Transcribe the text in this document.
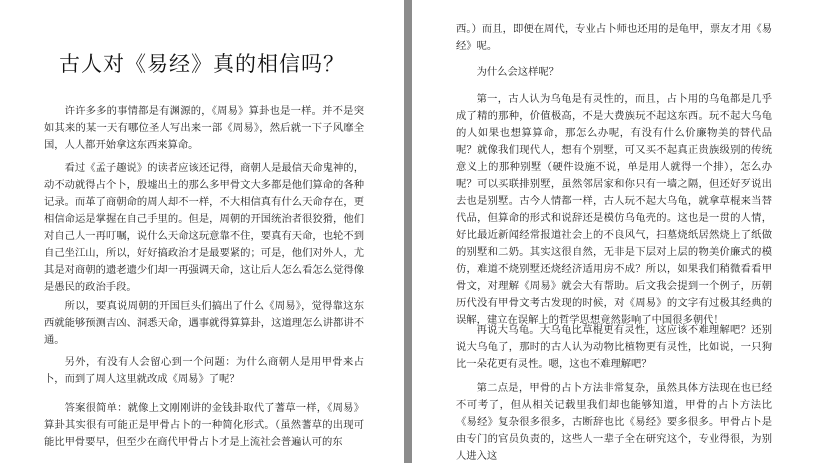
古人对《易经》真的相信吗？

许许多多的事情都是有渊源的，《周易》算卦也是一样。并不是突如其来的某一天有哪位圣人写出来一部《周易》，然后就一下子风靡全国，人人都开始拿这东西来算命。

看过《孟子趣说》的读者应该还记得，商朝人是最信天命鬼神的，动不动就得占个卜，殷墟出土的那么多甲骨文大多都是他们算命的各种记录。而革了商朝命的周人却不一样，不大相信真有什么天命存在，更相信命运是掌握在自己手里的。但是，周朝的开国统治者很狡猾，他们对自己人一再叮嘱，说什么天命这玩意靠不住，要真有天命，也轮不到自己坐江山，所以，好好搞政治才是最要紧的；可是，他们对外人，尤其是对商朝的遗老遗少们却一再强调天命，这让后人怎么看怎么觉得像是愚民的政治手段。

所以，要真说周朝的开国巨头们搞出了什么《周易》，觉得靠这东西就能够预测吉凶、洞悉天命，遇事就得算算卦，这道理怎么讲都讲不通。

另外，有没有人会留心到一个问题：为什么商朝人是用甲骨来占卜，而到了周人这里就改成《周易》了呢？

答案很简单：就像上文刚刚讲的金钱卦取代了蓍草一样，《周易》算卦其实很有可能正是甲骨占卜的一种简化形式。（虽然蓍草的出现可能比甲骨要早，但至少在商代甲骨占卜才是上流社会普遍认可的东

西。）而且，即便在周代，专业占卜师也还用的是龟甲，票友才用《易经》呢。

为什么会这样呢？

第一，古人认为乌龟是有灵性的，而且，占卜用的乌龟都是几乎成了精的那种，价值极高，不是大费族玩不起这东西。玩不起大乌龟的人如果也想算算命，那怎么办呢，有没有什么价廉物美的替代品呢？就像我们现代人，想有个别墅，可又买不起真正贵族级别的传统意义上的那种别墅（硬件设施不说，单是用人就得一个排），怎么办呢？可以买联排别墅，虽然邻居家和你只有一墙之隔，但还好歹说出去也是别墅。古今人情都一样，古人玩不起大乌龟，就拿草棍来当替代品，但算命的形式和说辞还是模仿乌龟壳的。这也是一贯的人情，好比最近新闻经常报道社会上的不良风气，扫墓烧纸居然烧上了纸做的别墅和二奶。其实这很自然，无非是下层对上层的物美价廉式的模仿，难道不烧别墅还烧经济适用房不成？所以，如果我们稍微看看甲骨文，对理解《周易》就会大有帮助。后文我会提到一个例子，历朝历代没有甲骨文考古发现的时候，对《周易》的文字有过极其经典的误解，建立在误解上的哲学思想竟然影响了中国很多朝代！

再说大乌龟。大乌龟比草棍更有灵性，这应该不难理解吧？还别说大乌龟了，那时的古人认为动物比植物更有灵性，比如说，一只狗比一朵花更有灵性。嗯，这也不难理解吧？

第二点是，甲骨的占卜方法非常复杂，虽然具体方法现在也已经不可考了，但从相关记载里我们却也能够知道，甲骨的占卜方法比《易经》复杂很多很多，古断辞也比《易经》要多很多。甲骨占卜是由专门的官员负责的，这些人一辈子全在研究这个，专业得很，为别人进入这
